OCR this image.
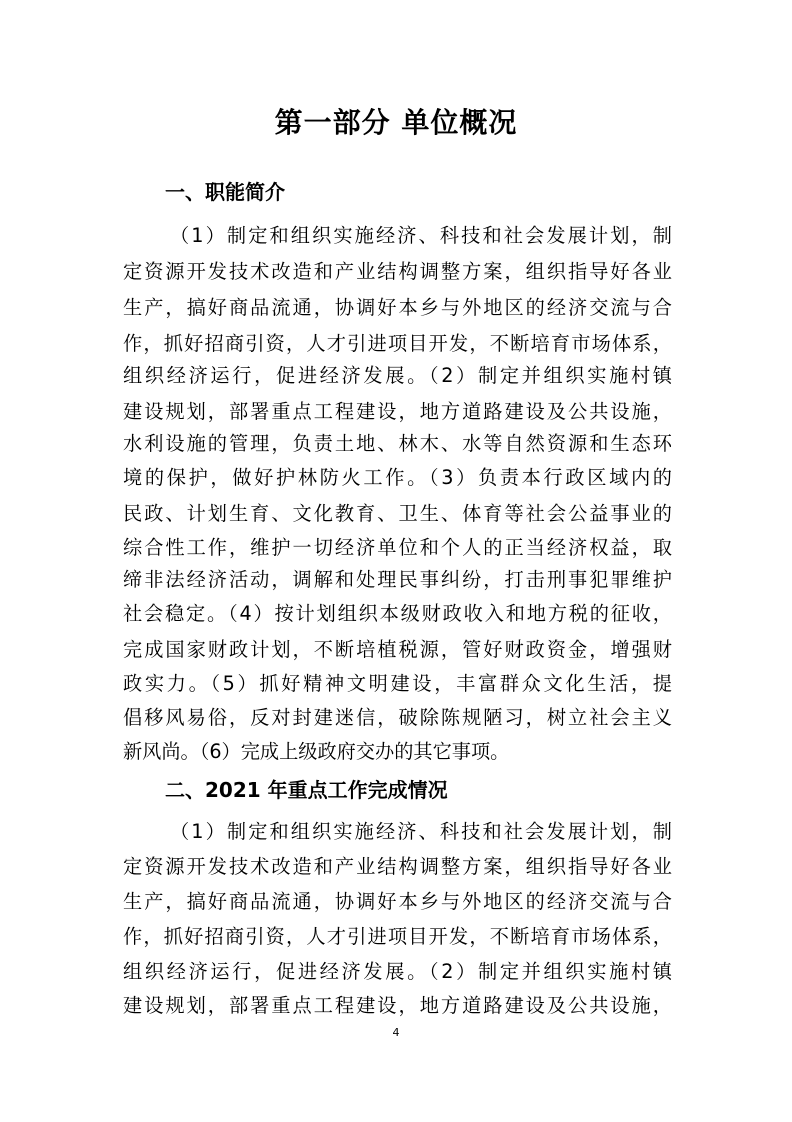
第一部分 单位概况
一、职能简介
（1）制定和组织实施经济、科技和社会发展计划，制
定资源开发技术改造和产业结构调整方案，组织指导好各业
生产，搞好商品流通，协调好本乡与外地区的经济交流与合
作，抓好招商引资，人才引进项目开发，不断培育市场体系，
组织经济运行，促进经济发展。（2）制定并组织实施村镇
建设规划，部署重点工程建设，地方道路建设及公共设施，
水利设施的管理，负责土地、林木、水等自然资源和生态环
境的保护，做好护林防火工作。（3）负责本行政区域内的
民政、计划生育、文化教育、卫生、体育等社会公益事业的
综合性工作，维护一切经济单位和个人的正当经济权益，取
缔非法经济活动，调解和处理民事纠纷，打击刑事犯罪维护
社会稳定。（4）按计划组织本级财政收入和地方税的征收，
完成国家财政计划，不断培植税源，管好财政资金，增强财
政实力。（5）抓好精神文明建设，丰富群众文化生活，提
倡移风易俗，反对封建迷信，破除陈规陋习，树立社会主义
新风尚。（6）完成上级政府交办的其它事项。
二、2021 年重点工作完成情况
（1）制定和组织实施经济、科技和社会发展计划，制
定资源开发技术改造和产业结构调整方案，组织指导好各业
生产，搞好商品流通，协调好本乡与外地区的经济交流与合
作，抓好招商引资，人才引进项目开发，不断培育市场体系，
组织经济运行，促进经济发展。（2）制定并组织实施村镇
建设规划，部署重点工程建设，地方道路建设及公共设施，
4
